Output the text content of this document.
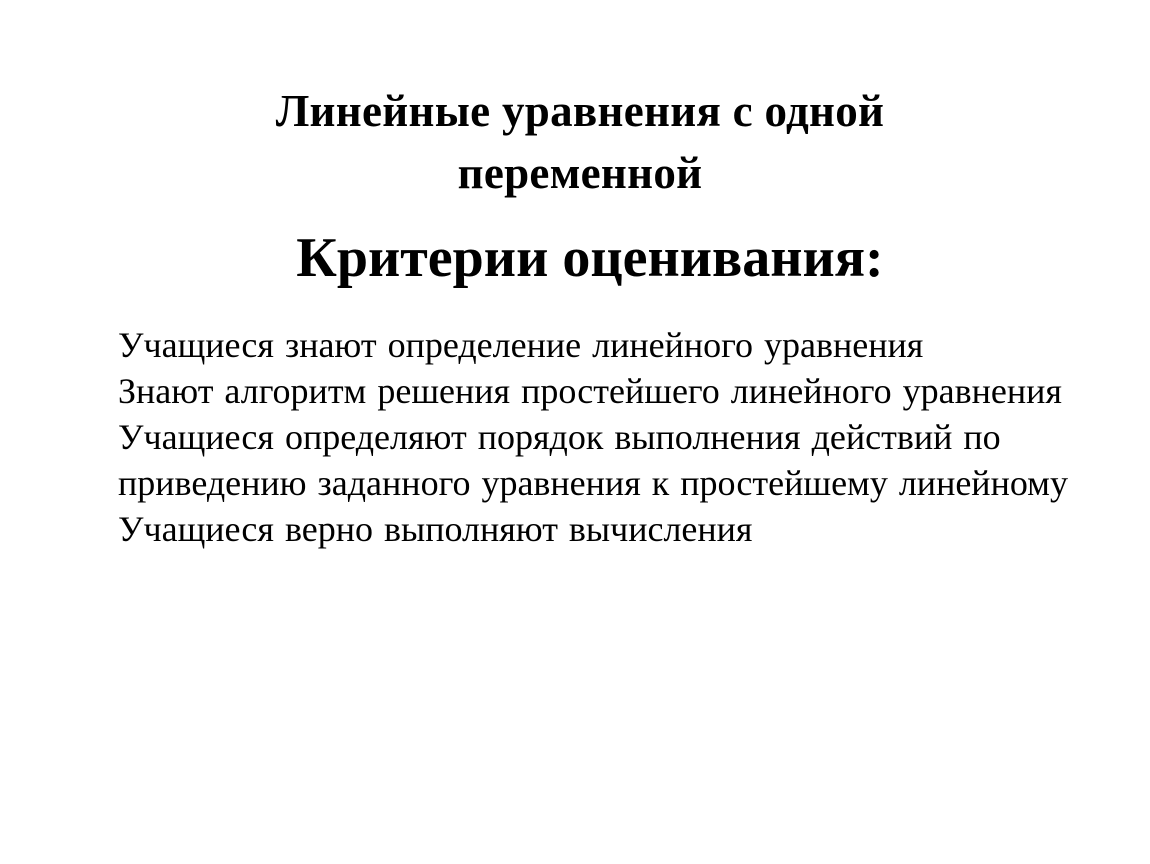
Линейные уравнения с одной
переменной
Критерии оценивания:
Учащиеся знают определение линейного уравнения
Знают алгоритм решения простейшего линейного уравнения
Учащиеся определяют порядок выполнения действий по приведению заданного уравнения к простейшему линейному
Учащиеся верно выполняют вычисления
